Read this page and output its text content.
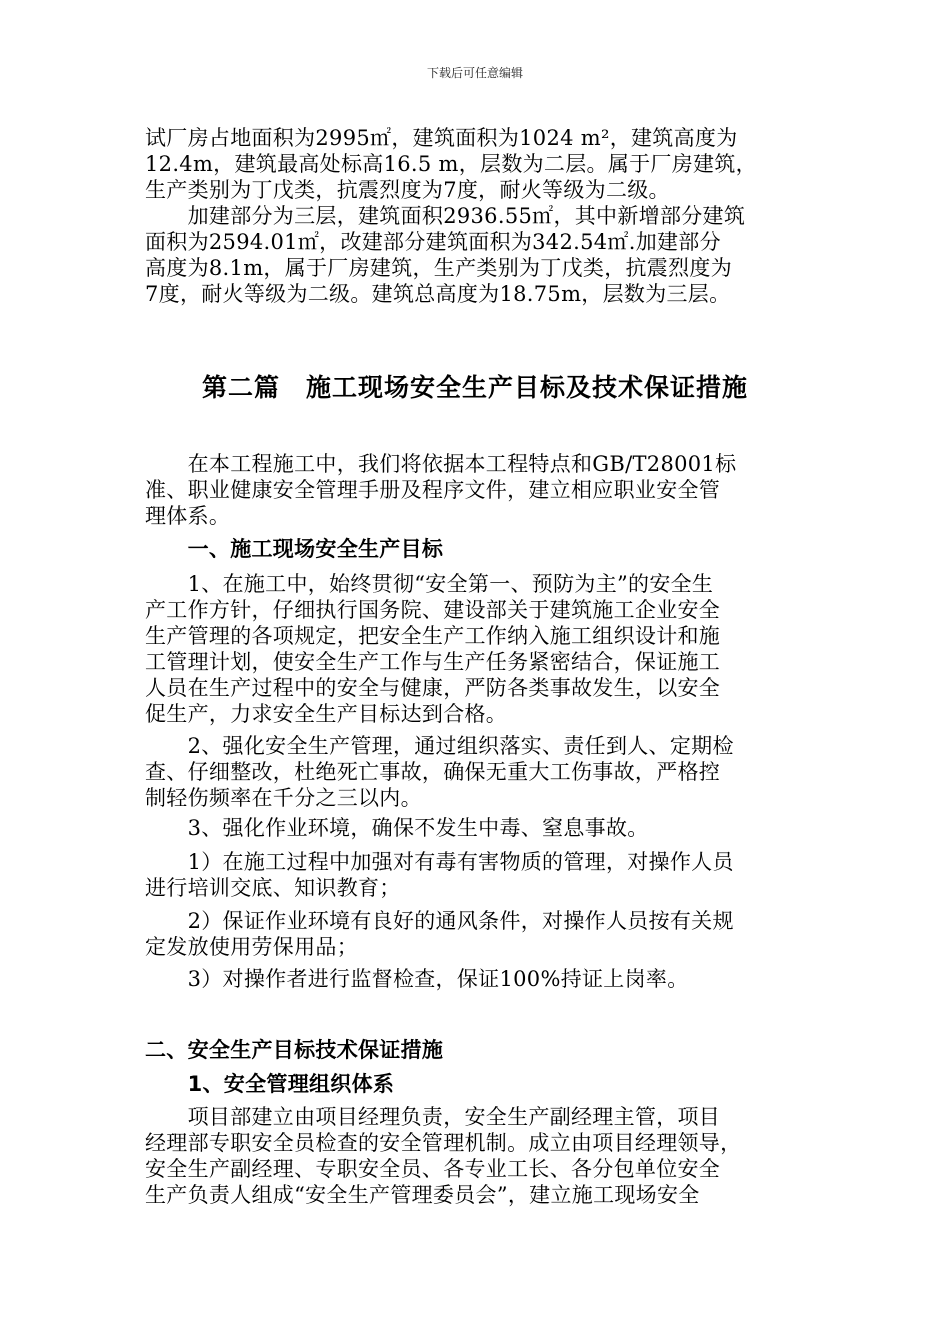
下载后可任意编辑
试厂房占地面积为2995㎡，建筑面积为1024 m²，建筑高度为
12.4m，建筑最高处标高16.5 m，层数为二层。属于厂房建筑，
生产类别为丁戊类，抗震烈度为7度，耐火等级为二级。
　　加建部分为三层，建筑面积2936.55㎡，其中新增部分建筑
面积为2594.01㎡，改建部分建筑面积为342.54㎡.加建部分
高度为8.1m，属于厂房建筑，生产类别为丁戊类，抗震烈度为
7度，耐火等级为二级。建筑总高度为18.75m，层数为三层。
第二篇　施工现场安全生产目标及技术保证措施
　　在本工程施工中，我们将依据本工程特点和GB/T28001标
准、职业健康安全管理手册及程序文件，建立相应职业安全管
理体系。
　　一、施工现场安全生产目标
　　1、在施工中，始终贯彻“安全第一、预防为主”的安全生
产工作方针，仔细执行国务院、建设部关于建筑施工企业安全
生产管理的各项规定，把安全生产工作纳入施工组织设计和施
工管理计划，使安全生产工作与生产任务紧密结合，保证施工
人员在生产过程中的安全与健康，严防各类事故发生，以安全
促生产，力求安全生产目标达到合格。
　　2、强化安全生产管理，通过组织落实、责任到人、定期检
查、仔细整改，杜绝死亡事故，确保无重大工伤事故，严格控
制轻伤频率在千分之三以内。
　　3、强化作业环境，确保不发生中毒、窒息事故。
　　1）在施工过程中加强对有毒有害物质的管理，对操作人员
进行培训交底、知识教育；
　　2）保证作业环境有良好的通风条件，对操作人员按有关规
定发放使用劳保用品；
　　3）对操作者进行监督检查，保证100%持证上岗率。
二、安全生产目标技术保证措施
　　1、安全管理组织体系
　　项目部建立由项目经理负责，安全生产副经理主管，项目
经理部专职安全员检查的安全管理机制。成立由项目经理领导，
安全生产副经理、专职安全员、各专业工长、各分包单位安全
生产负责人组成“安全生产管理委员会”，建立施工现场安全
